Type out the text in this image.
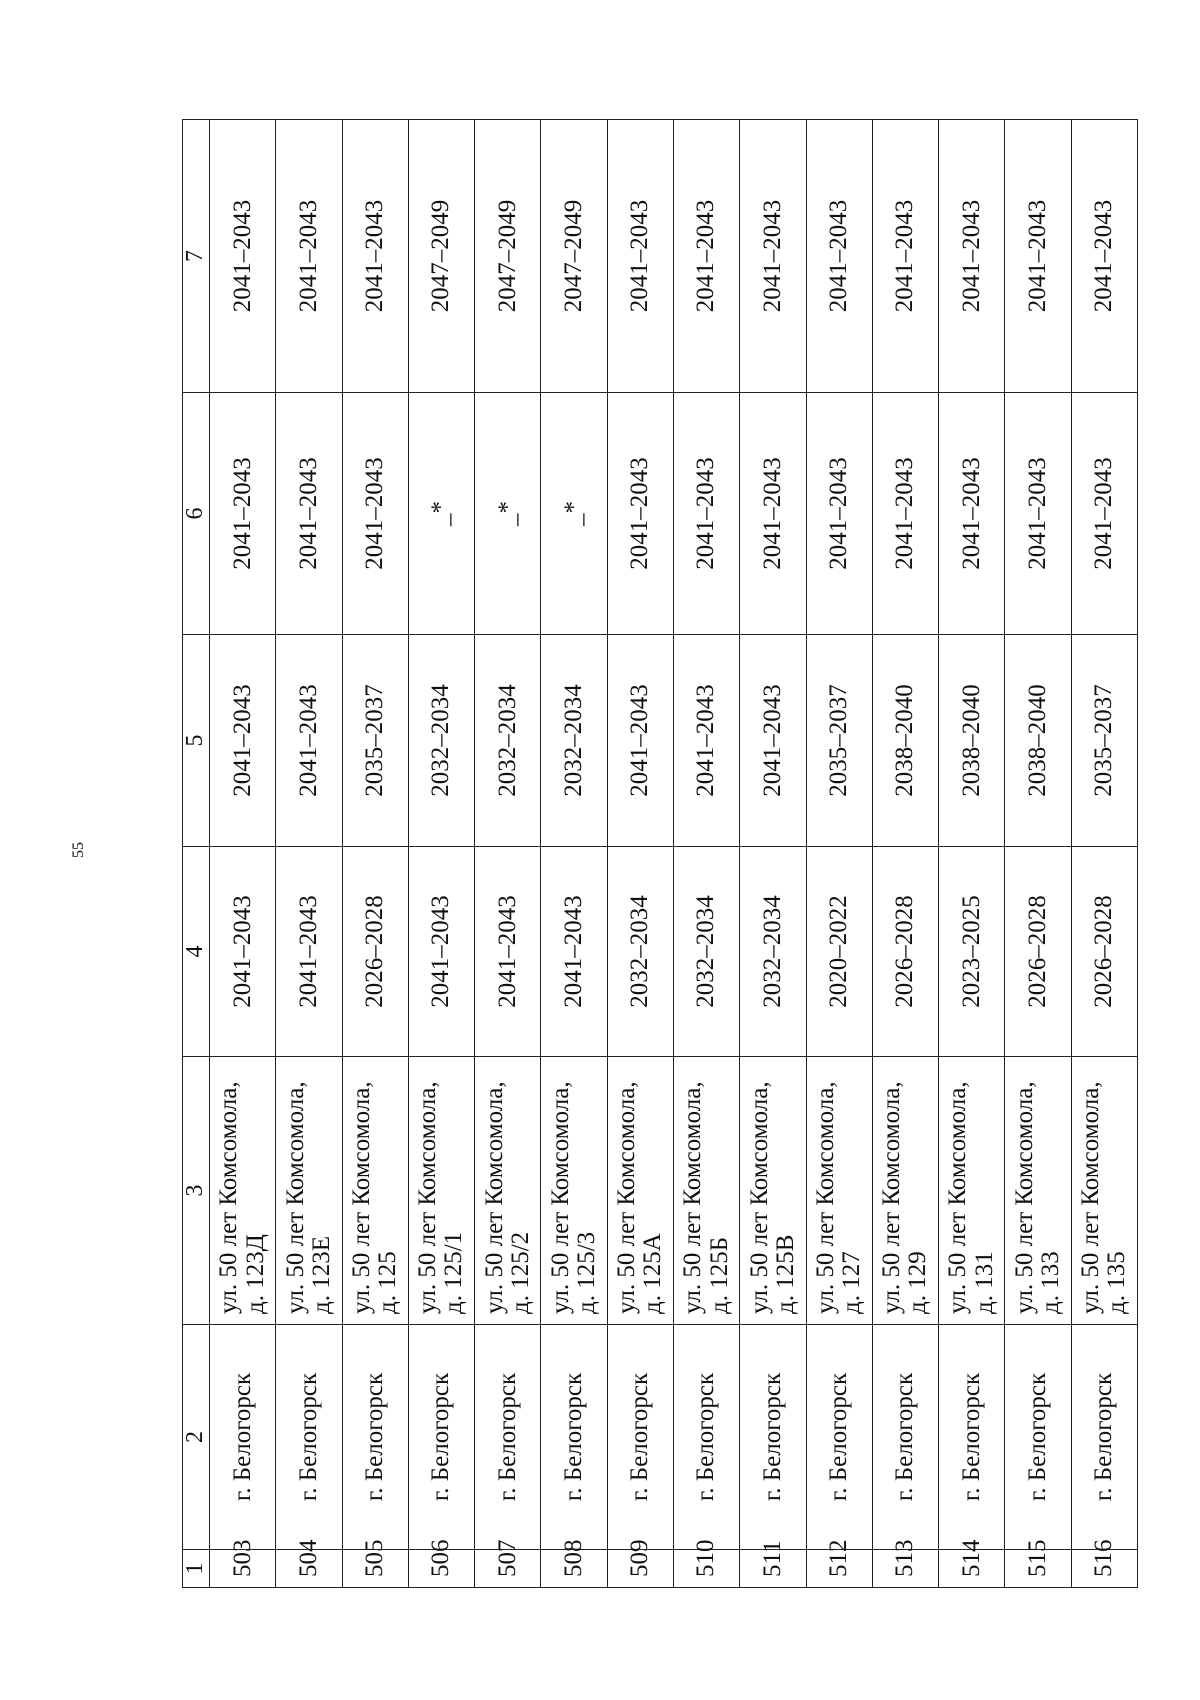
55
1	2	3	4	5	6	7
503	г. Белогорск	ул. 50 лет Комсомола, д. 123Д	2041–2043	2041–2043	2041–2043	2041–2043
504	г. Белогорск	ул. 50 лет Комсомола, д. 123Е	2041–2043	2041–2043	2041–2043	2041–2043
505	г. Белогорск	ул. 50 лет Комсомола, д. 125	2026–2028	2035–2037	2041–2043	2041–2043
506	г. Белогорск	ул. 50 лет Комсомола, д. 125/1	2041–2043	2032–2034	_*	2047–2049
507	г. Белогорск	ул. 50 лет Комсомола, д. 125/2	2041–2043	2032–2034	_*	2047–2049
508	г. Белогорск	ул. 50 лет Комсомола, д. 125/3	2041–2043	2032–2034	_*	2047–2049
509	г. Белогорск	ул. 50 лет Комсомола, д. 125А	2032–2034	2041–2043	2041–2043	2041–2043
510	г. Белогорск	ул. 50 лет Комсомола, д. 125Б	2032–2034	2041–2043	2041–2043	2041–2043
511	г. Белогорск	ул. 50 лет Комсомола, д. 125В	2032–2034	2041–2043	2041–2043	2041–2043
512	г. Белогорск	ул. 50 лет Комсомола, д. 127	2020–2022	2035–2037	2041–2043	2041–2043
513	г. Белогорск	ул. 50 лет Комсомола, д. 129	2026–2028	2038–2040	2041–2043	2041–2043
514	г. Белогорск	ул. 50 лет Комсомола, д. 131	2023–2025	2038–2040	2041–2043	2041–2043
515	г. Белогорск	ул. 50 лет Комсомола, д. 133	2026–2028	2038–2040	2041–2043	2041–2043
516	г. Белогорск	ул. 50 лет Комсомола, д. 135	2026–2028	2035–2037	2041–2043	2041–2043
